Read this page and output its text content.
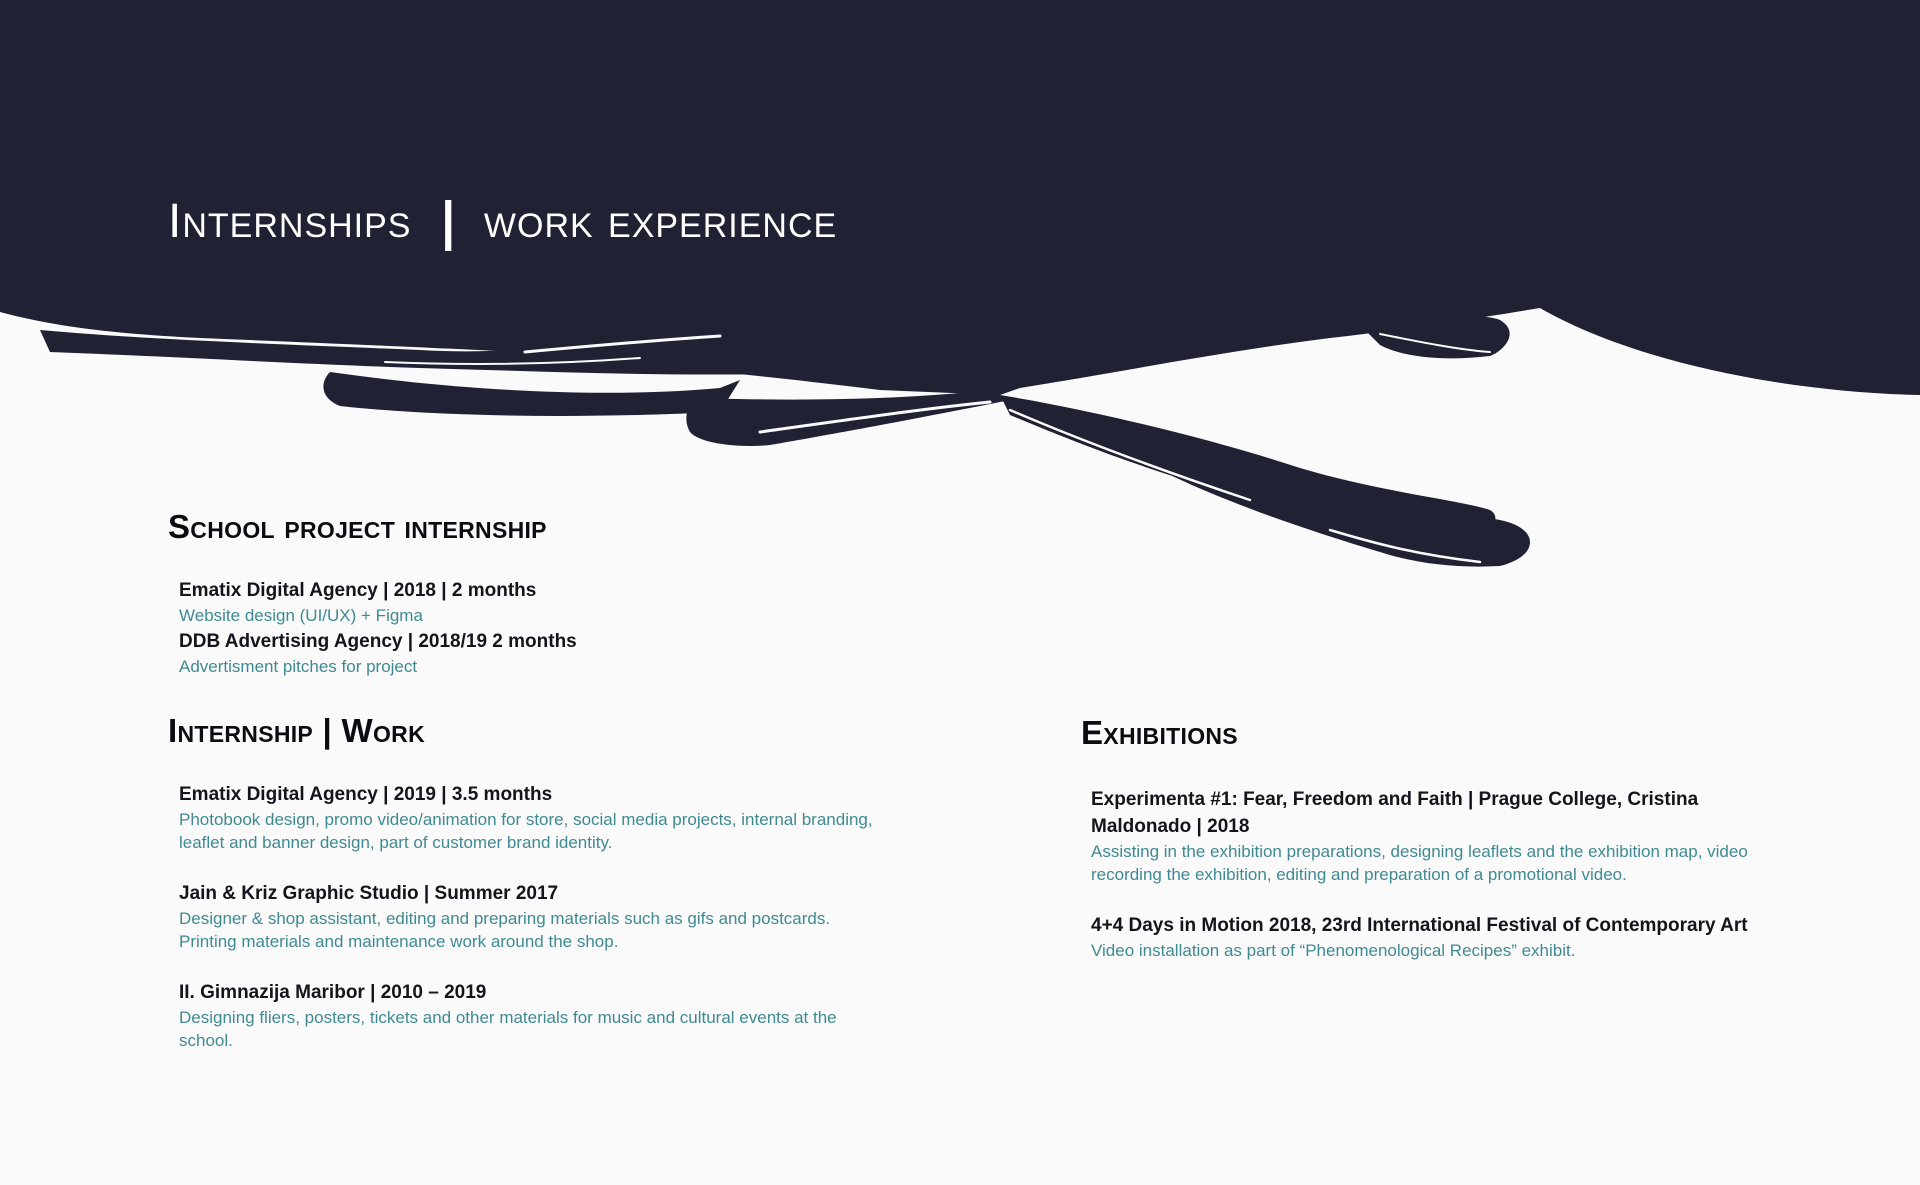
Internships | work experience
School project internship
Ematix Digital Agency | 2018 | 2 months
Website design (UI/UX) + Figma
DDB Advertising Agency | 2018/19 2 months
Advertisment pitches for project
Internship | Work
Ematix Digital Agency | 2019 | 3.5 months
Photobook design, promo video/animation for store, social media projects, internal branding, leaflet and banner design, part of customer brand identity.
Jain & Kriz Graphic Studio | Summer 2017
Designer & shop assistant, editing and preparing materials such as gifs and postcards. Printing materials and maintenance work around the shop.
II. Gimnazija Maribor | 2010 – 2019
Designing fliers, posters, tickets and other materials for music and cultural events at the school.
Exhibitions
Experimenta #1: Fear, Freedom and Faith | Prague College, Cristina Maldonado | 2018
Assisting in the exhibition preparations, designing leaflets and the exhibition map, video recording the exhibition, editing and preparation of a promotional video.
4+4 Days in Motion 2018, 23rd International Festival of Contemporary Art
Video installation as part of “Phenomenological Recipes” exhibit.
